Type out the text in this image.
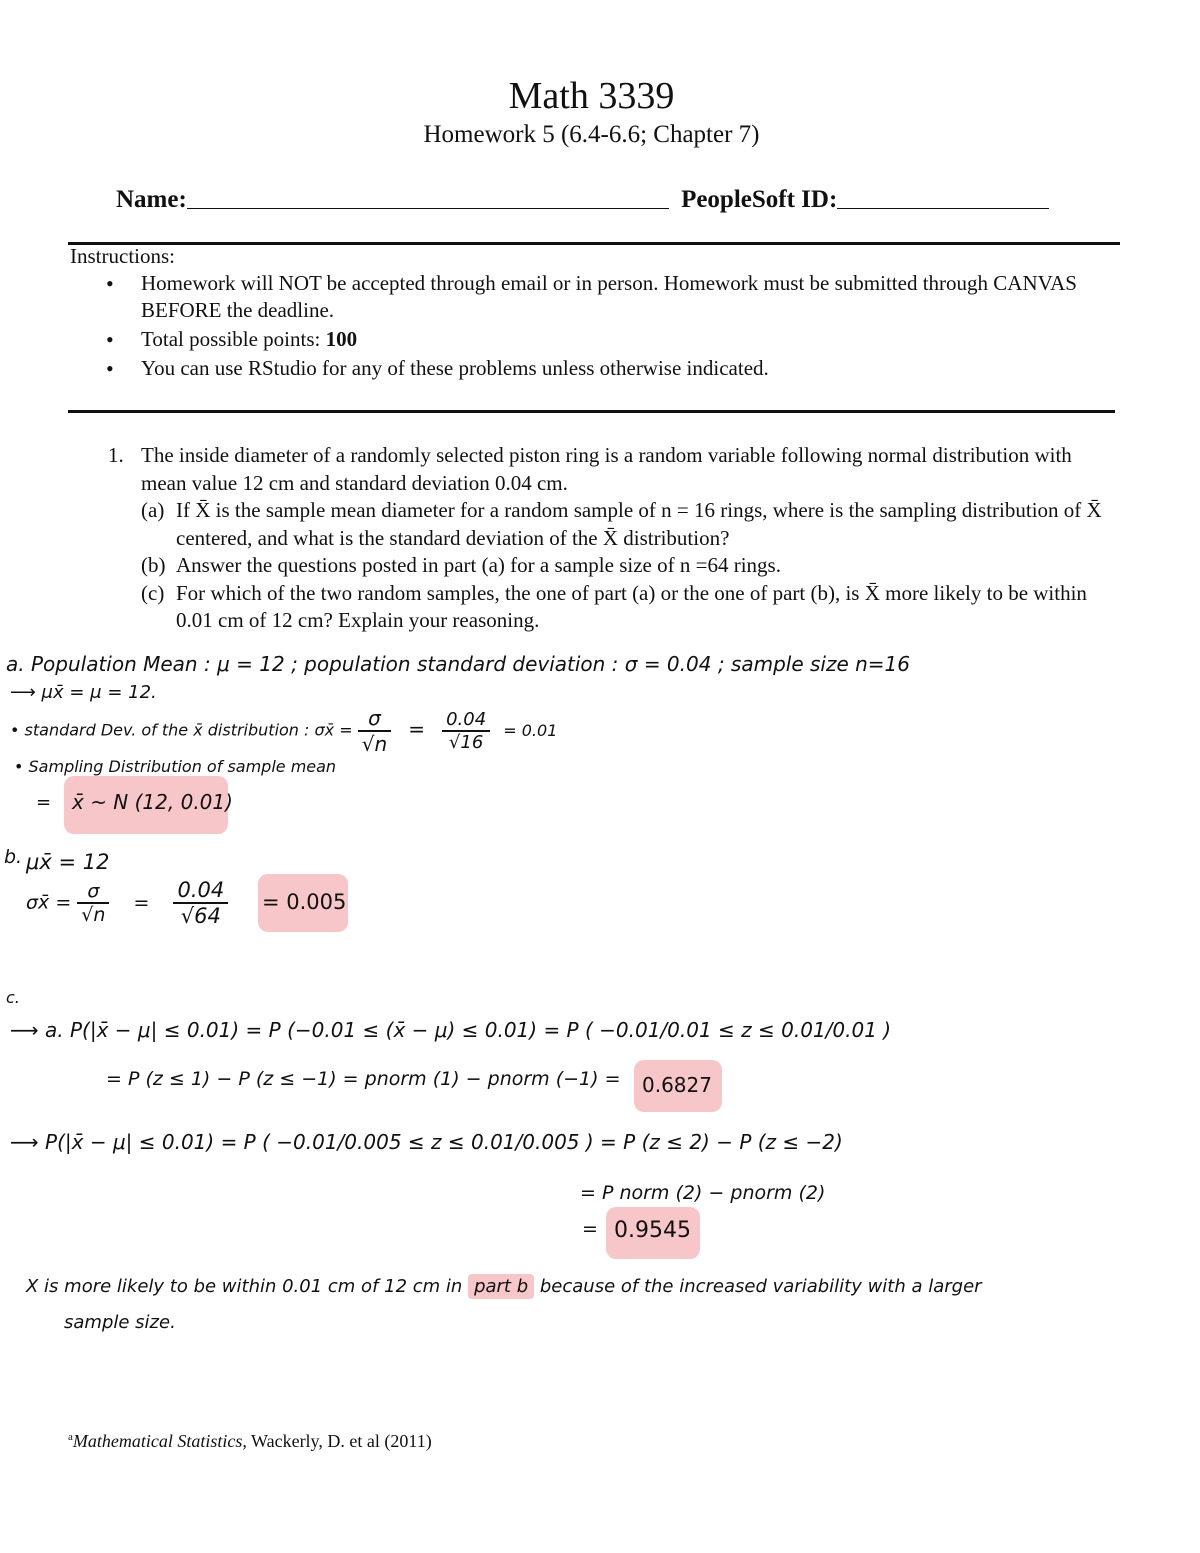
Math 3339
Homework 5 (6.4-6.6; Chapter 7)
Name:	PeopleSoft ID:
Instructions:
• Homework will NOT be accepted through email or in person. Homework must be submitted through CANVAS BEFORE the deadline.
• Total possible points: 100
• You can use RStudio for any of these problems unless otherwise indicated.
1. The inside diameter of a randomly selected piston ring is a random variable following normal distribution with mean value 12 cm and standard deviation 0.04 cm.
(a) If X̄ is the sample mean diameter for a random sample of n = 16 rings, where is the sampling distribution of X̄ centered, and what is the standard deviation of the X̄ distribution?
(b) Answer the questions posted in part (a) for a sample size of n =64 rings.
(c) For which of the two random samples, the one of part (a) or the one of part (b), is X̄ more likely to be within 0.01 cm of 12 cm? Explain your reasoning.
a. Population Mean : μ = 12 ; population standard deviation : σ = 0.04 ; sample size n=16
⟶ μx̄ = μ = 12.
• standard Dev. of the x̄ distribution : σx̄ = $\frac{\sigma}{√n} = \frac{0.04}{√16} = 0.01$
• Sampling Distribution of sample mean
=	x̄ ~ N (12, 0.01)
b. μx̄ = 12
σx̄ = $\frac{\sigma}{√n} = \frac{0.04}{√64} = 0.005$
c.
⟶ a. P(|x̄ − μ| ≤ 0.01) = P (−0.01 ≤ (x̄ − μ) ≤ 0.01) = P ( −0.01/0.01 ≤ z ≤ 0.01/0.01 )
= P (z ≤ 1) − P (z ≤ −1) = pnorm (1) − pnorm (−1) =	0.6827
⟶ P(|x̄ − μ| ≤ 0.01) = P ( −0.01/0.005 ≤ z ≤ 0.01/0.005 ) = P (z ≤ 2) − P (z ≤ −2)
= P norm (2) − pnorm (2)
= 0.9545
X is more likely to be within 0.01 cm of 12 cm in part b because of the increased variability with a larger
sample size.
$^a$Mathematical Statistics, Wackerly, D. et al (2011)
